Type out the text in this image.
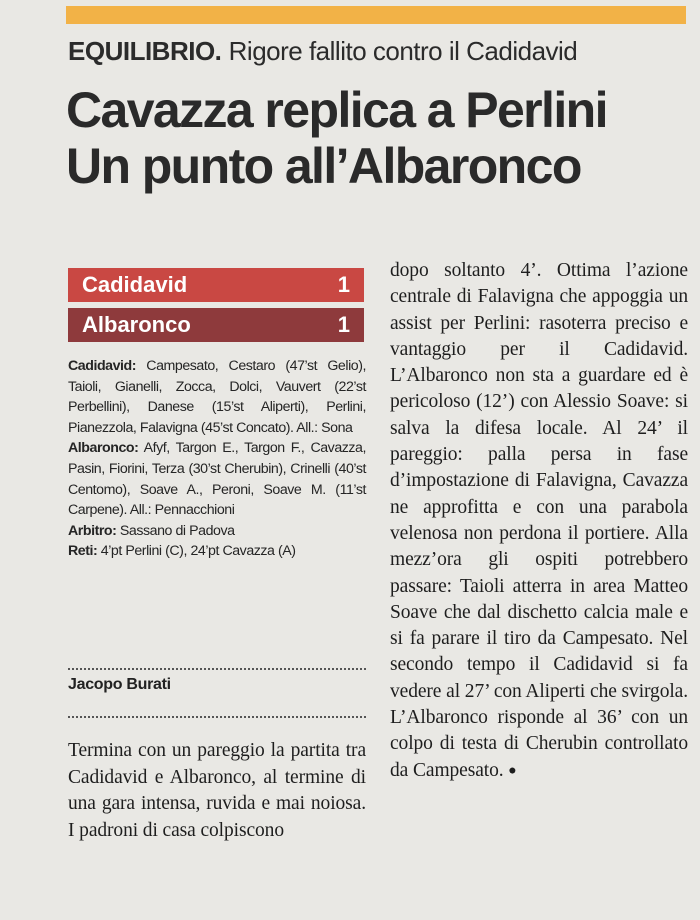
EQUILIBRIO. Rigore fallito contro il Cadidavid
Cavazza replica a Perlini
Un punto all’Albaronco
Cadidavid	1
Albaronco	1

Cadidavid: Campesato, Cestaro (47’st Gelio), Taioli, Gianelli, Zocca, Dolci, Vauvert (22’st Perbellini), Danese (15’st Aliperti), Perlini, Pianezzola, Falavigna (45’st Concato). All.: Sona

Albaronco: Afyf, Targon E., Targon F., Cavazza, Pasin, Fiorini, Terza (30’st Cherubin), Crinelli (40’st Centomo), Soave A., Peroni, Soave M. (11’st Carpene). All.: Pennacchioni

Arbitro: Sassano di Padova

Reti: 4’pt Perlini (C), 24’pt Cavazza (A)

Jacopo Burati
Termina con un pareggio la partita tra Cadidavid e Albaronco, al termine di una gara intensa, ruvida e mai noiosa. I padroni di casa colpiscono
dopo soltanto 4’. Ottima l’azione centrale di Falavigna che appoggia un assist per Perlini: rasoterra preciso e vantaggio per il Cadidavid. L’Albaronco non sta a guardare ed è pericoloso (12’) con Alessio Soave: si salva la difesa locale. Al 24’ il pareggio: palla persa in fase d’impostazione di Falavigna, Cavazza ne approfitta e con una parabola velenosa non perdona il portiere. Alla mezz’ora gli ospiti potrebbero passare: Taioli atterra in area Matteo Soave che dal dischetto calcia male e si fa parare il tiro da Campesato. Nel secondo tempo il Cadidavid si fa vedere al 27’ con Aliperti che svirgola. L’Albaronco risponde al 36’ con un colpo di testa di Cherubin controllato da Campesato. ●
